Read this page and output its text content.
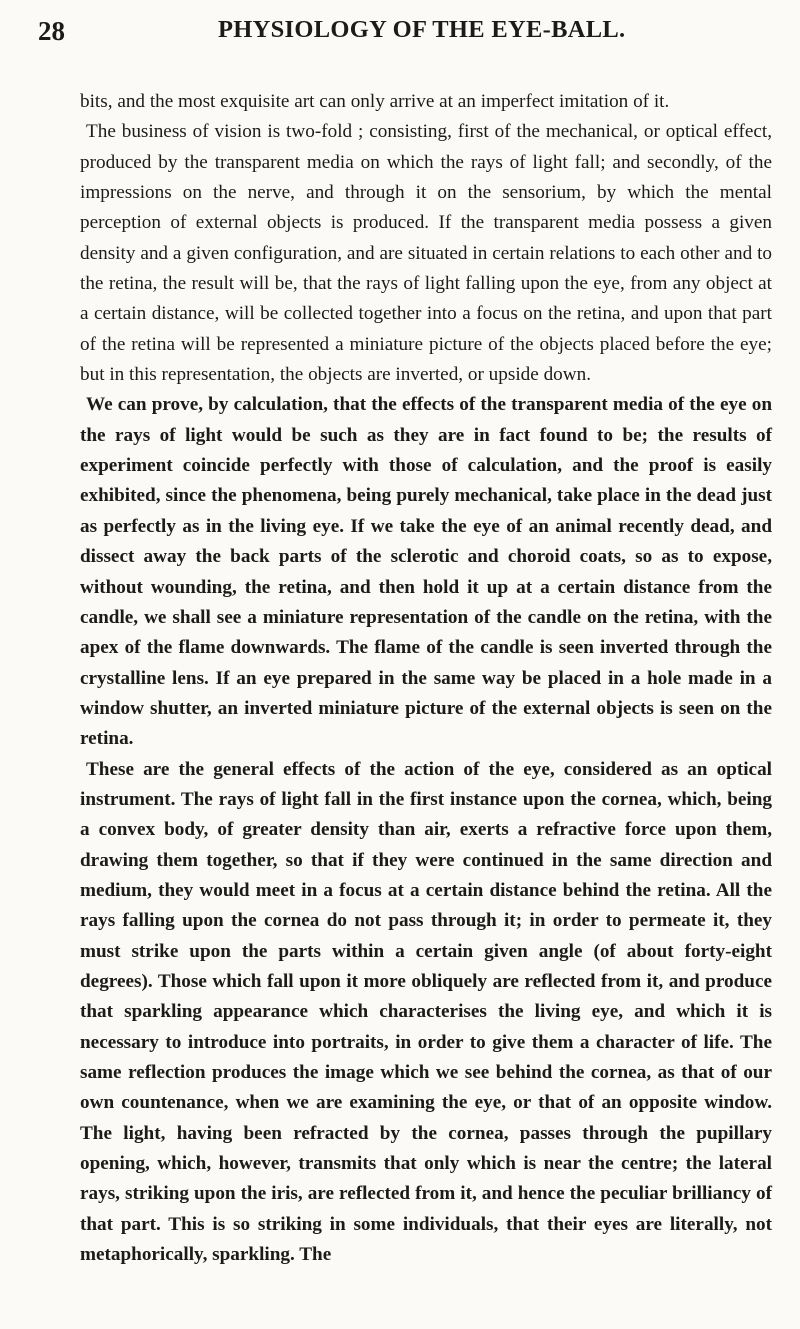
28	PHYSIOLOGY OF THE EYE-BALL.

bits, and the most exquisite art can only arrive at an imperfect imitation of it.

The business of vision is two-fold ; consisting, first of the mechanical, or optical effect, produced by the transparent media on which the rays of light fall; and secondly, of the impressions on the nerve, and through it on the sensorium, by which the mental perception of external objects is produced. If the transparent media possess a given density and a given configuration, and are situated in certain relations to each other and to the retina, the result will be, that the rays of light falling upon the eye, from any object at a certain distance, will be collected together into a focus on the retina, and upon that part of the retina will be represented a miniature picture of the objects placed before the eye; but in this representation, the objects are inverted, or upside down.

We can prove, by calculation, that the effects of the transparent media of the eye on the rays of light would be such as they are in fact found to be; the results of experiment coincide perfectly with those of calculation, and the proof is easily exhibited, since the phenomena, being purely mechanical, take place in the dead just as perfectly as in the living eye. If we take the eye of an animal recently dead, and dissect away the back parts of the sclerotic and choroid coats, so as to expose, without wounding, the retina, and then hold it up at a certain distance from the candle, we shall see a miniature representation of the candle on the retina, with the apex of the flame downwards. The flame of the candle is seen inverted through the crystalline lens. If an eye prepared in the same way be placed in a hole made in a window shutter, an inverted miniature picture of the external objects is seen on the retina.

These are the general effects of the action of the eye, considered as an optical instrument. The rays of light fall in the first instance upon the cornea, which, being a convex body, of greater density than air, exerts a refractive force upon them, drawing them together, so that if they were continued in the same direction and medium, they would meet in a focus at a certain distance behind the retina. All the rays falling upon the cornea do not pass through it; in order to permeate it, they must strike upon the parts within a certain given angle (of about forty-eight degrees). Those which fall upon it more obliquely are reflected from it, and produce that sparkling appearance which characterises the living eye, and which it is necessary to introduce into portraits, in order to give them a character of life. The same reflection produces the image which we see behind the cornea, as that of our own countenance, when we are examining the eye, or that of an opposite window. The light, having been refracted by the cornea, passes through the pupillary opening, which, however, transmits that only which is near the centre; the lateral rays, striking upon the iris, are reflected from it, and hence the peculiar brilliancy of that part. This is so striking in some individuals, that their eyes are literally, not metaphorically, sparkling. The
